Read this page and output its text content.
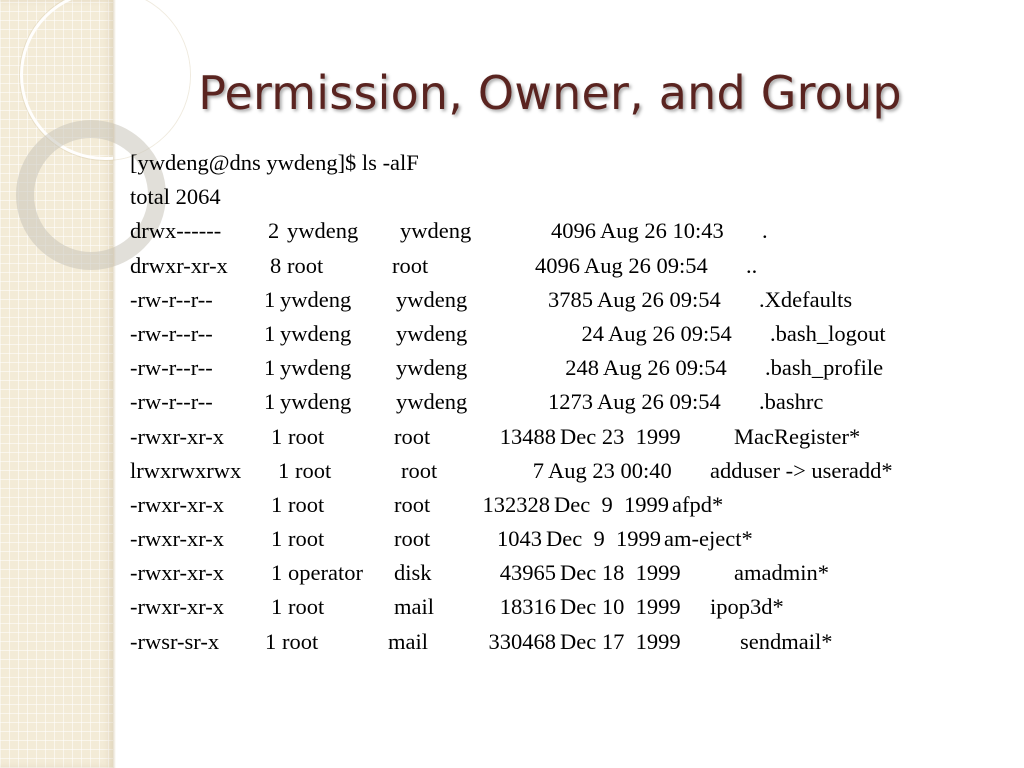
Permission, Owner, and Group
[ywdeng@dns ywdeng]$ ls -alF
total 2064
drwx------ 2 ywdeng ywdeng	4096 Aug 26 10:43 .
drwxr-xr-x 8 root	root	4096 Aug 26 09:54 ..
-rw-r--r-- 1 ywdeng ywdeng	3785 Aug 26 09:54 .Xdefaults
-rw-r--r-- 1 ywdeng ywdeng	24 Aug 26 09:54 .bash_logout
-rw-r--r-- 1 ywdeng ywdeng	248 Aug 26 09:54 .bash_profile
-rw-r--r-- 1 ywdeng ywdeng	1273 Aug 26 09:54 .bashrc
-rwxr-xr-x 1 root	root	13488 Dec 23  1999 MacRegister*
lrwxrwxrwx 1 root	root	7 Aug 23 00:40 adduser -> useradd*
-rwxr-xr-x 1 root	root	132328 Dec  9  1999 afpd*
-rwxr-xr-x 1 root	root	1043 Dec  9  1999 am-eject*
-rwxr-xr-x 1 operator disk	43965 Dec 18  1999 amadmin*
-rwxr-xr-x 1 root	mail	18316 Dec 10  1999 ipop3d*
-rwsr-sr-x 1 root	mail	330468 Dec 17  1999	sendmail*
